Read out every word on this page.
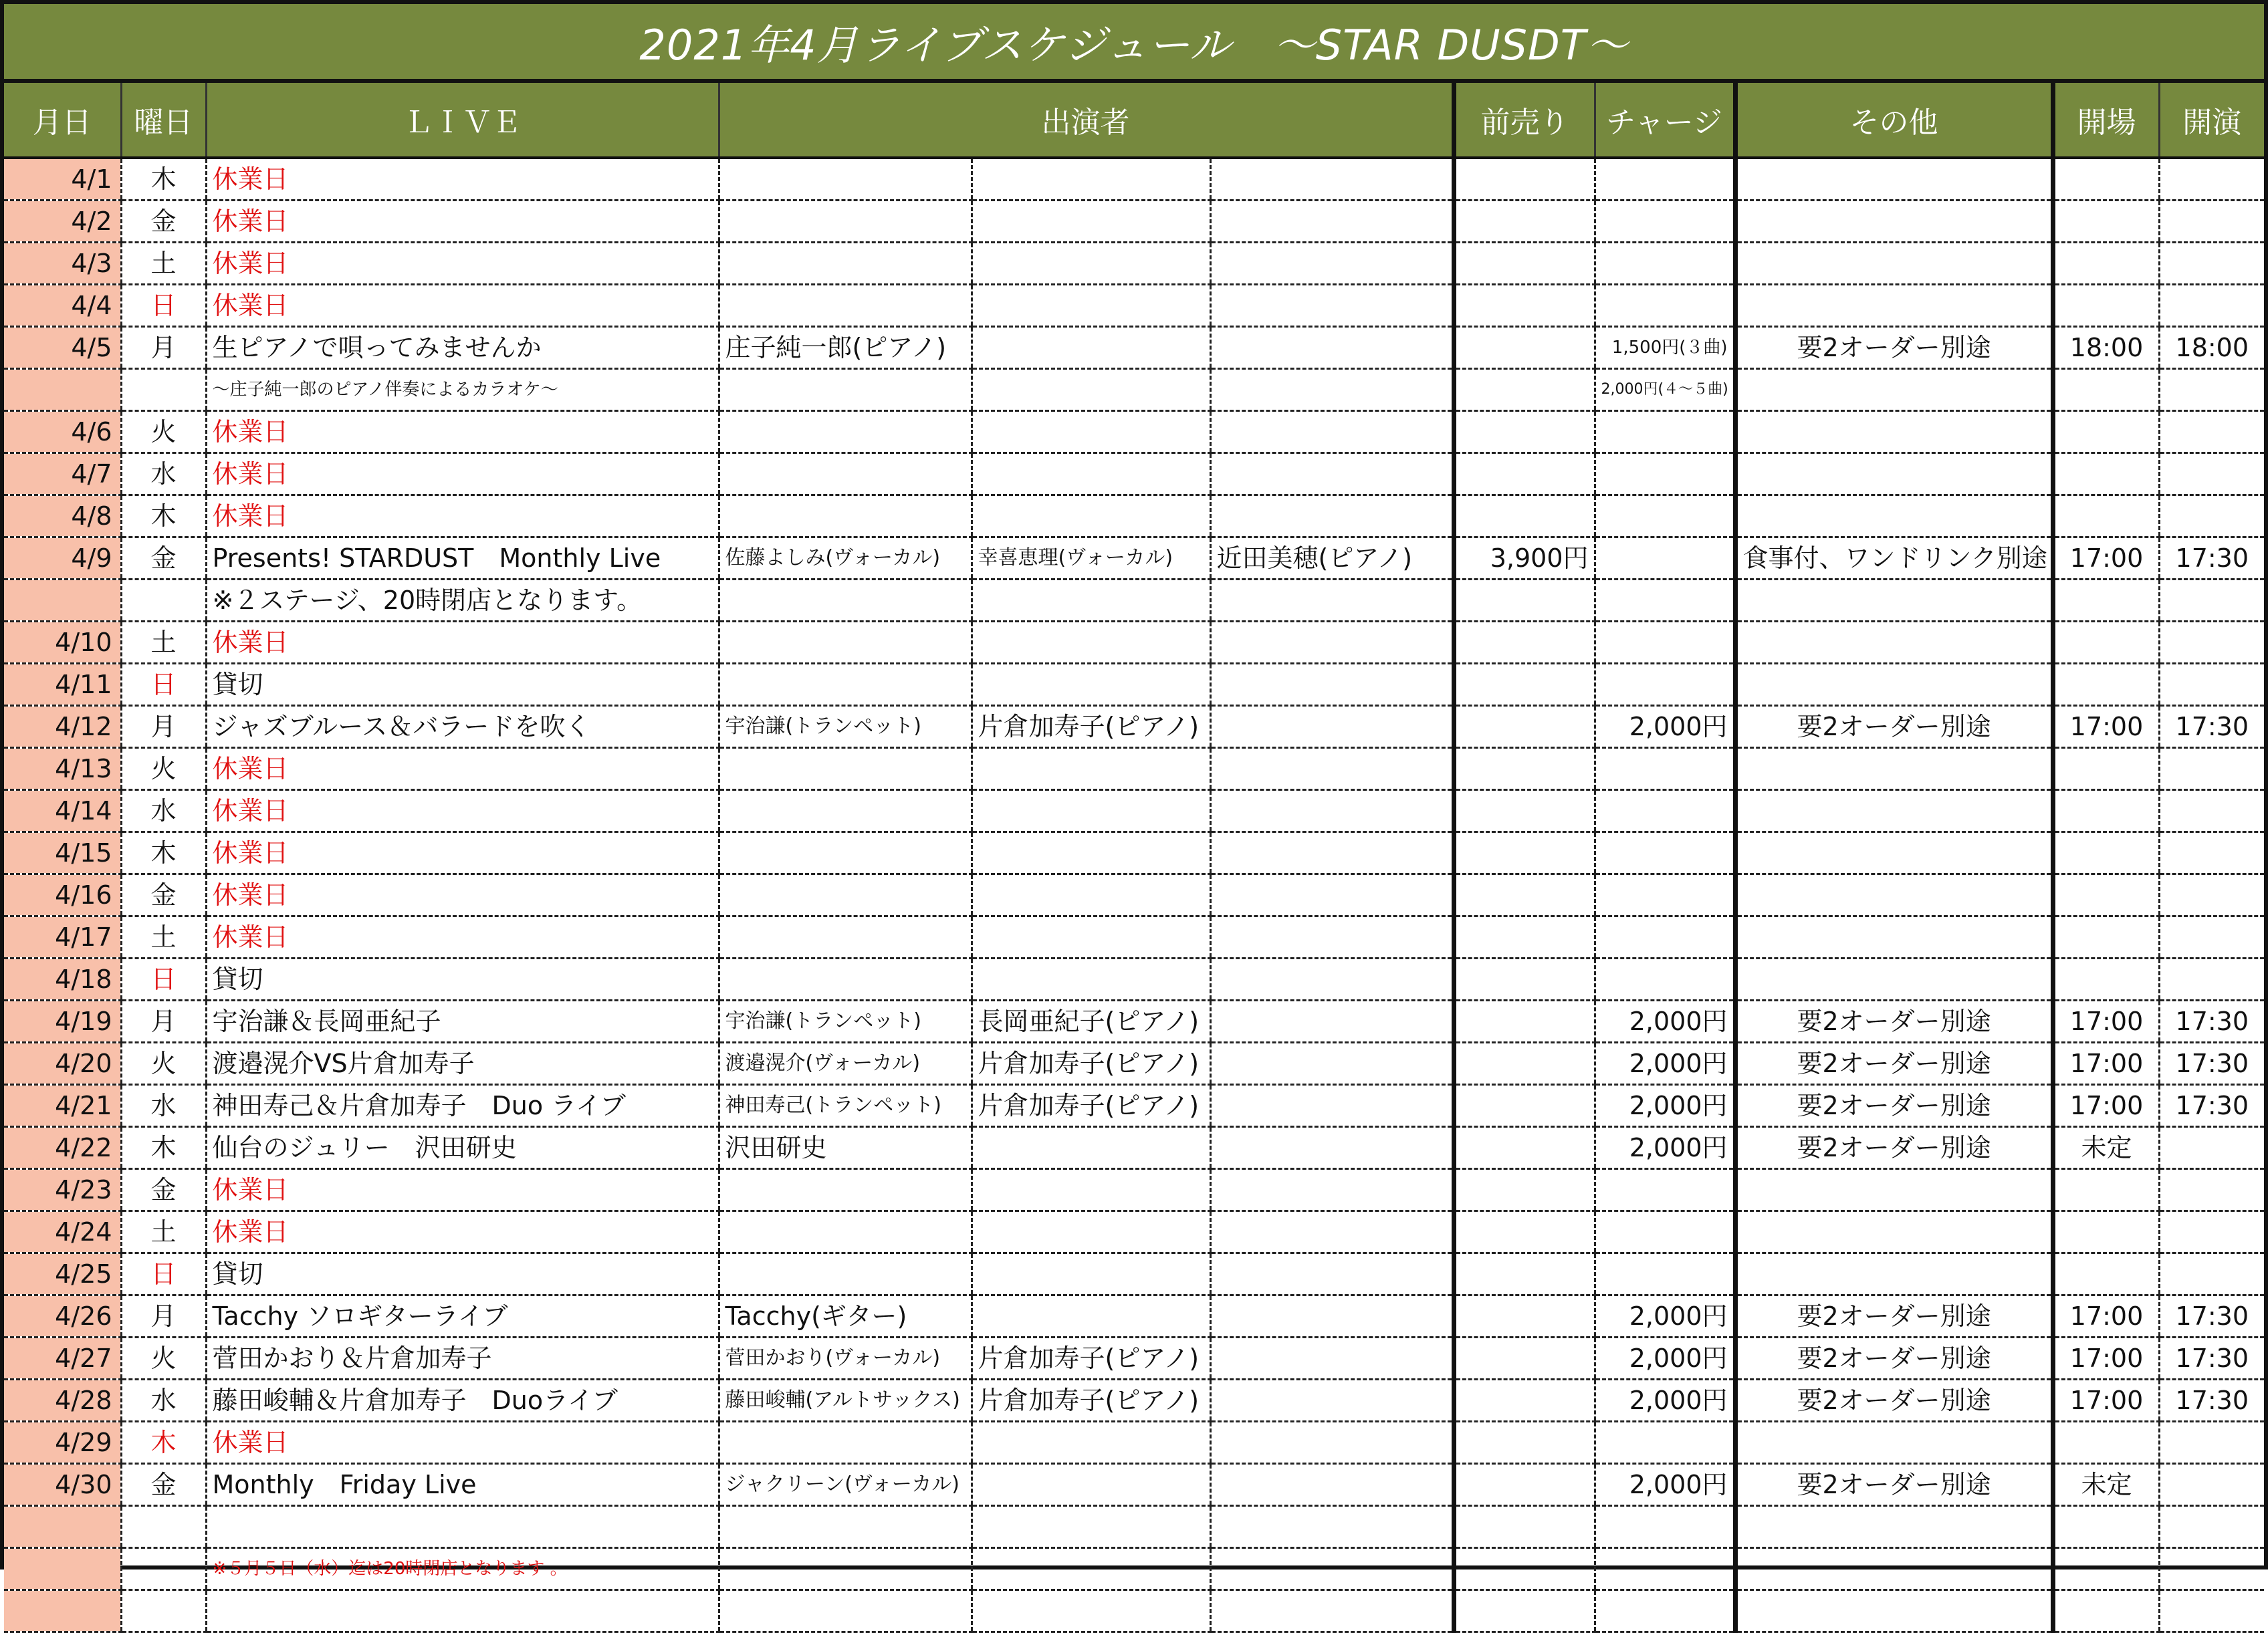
2021年4月ライブスケジュール　～STAR DUSDT～
月日	曜日	ＬＩＶＥ	出演者			前売り	チャージ	その他	開場	開演
4/1	木	休業日								
4/2	金	休業日								
4/3	土	休業日								
4/4	日	休業日								
4/5	月	生ピアノで唄ってみませんか	庄子純一郎(ピアノ)				1,500円(３曲)	要2オーダー別途	18:00	18:00
		～庄子純一郎のピアノ伴奏によるカラオケ～					2,000円(４～５曲)			
4/6	火	休業日								
4/7	水	休業日								
4/8	木	休業日								
4/9	金	Presents! STARDUST　Monthly Live	佐藤よしみ(ヴォーカル)	幸喜恵理(ヴォーカル)	近田美穂(ピアノ)	3,900円		食事付、ワンドリンク別途	17:00	17:30
		※２ステージ、20時閉店となります。								
4/10	土	休業日								
4/11	日	貸切								
4/12	月	ジャズブルース＆バラードを吹く	宇治謙(トランペット)	片倉加寿子(ピアノ)			2,000円	要2オーダー別途	17:00	17:30
4/13	火	休業日								
4/14	水	休業日								
4/15	木	休業日								
4/16	金	休業日								
4/17	土	休業日								
4/18	日	貸切								
4/19	月	宇治謙＆長岡亜紀子	宇治謙(トランペット)	長岡亜紀子(ピアノ)			2,000円	要2オーダー別途	17:00	17:30
4/20	火	渡邉滉介VS片倉加寿子	渡邉滉介(ヴォーカル)	片倉加寿子(ピアノ)			2,000円	要2オーダー別途	17:00	17:30
4/21	水	神田寿己＆片倉加寿子　Duo ライブ	神田寿己(トランペット)	片倉加寿子(ピアノ)			2,000円	要2オーダー別途	17:00	17:30
4/22	木	仙台のジュリー　沢田研史	沢田研史				2,000円	要2オーダー別途	未定	
4/23	金	休業日								
4/24	土	休業日								
4/25	日	貸切								
4/26	月	Tacchy ソロギターライブ	Tacchy(ギター)				2,000円	要2オーダー別途	17:00	17:30
4/27	火	菅田かおり＆片倉加寿子	菅田かおり(ヴォーカル)	片倉加寿子(ピアノ)			2,000円	要2オーダー別途	17:00	17:30
4/28	水	藤田峻輔＆片倉加寿子　Duoライブ	藤田峻輔(アルトサックス)	片倉加寿子(ピアノ)			2,000円	要2オーダー別途	17:00	17:30
4/29	木	休業日								
4/30	金	Monthly　Friday Live	ジャクリーン(ヴォーカル)				2,000円	要2オーダー別途	未定	

		※５月５日（水）迄は20時閉店となります 。								
